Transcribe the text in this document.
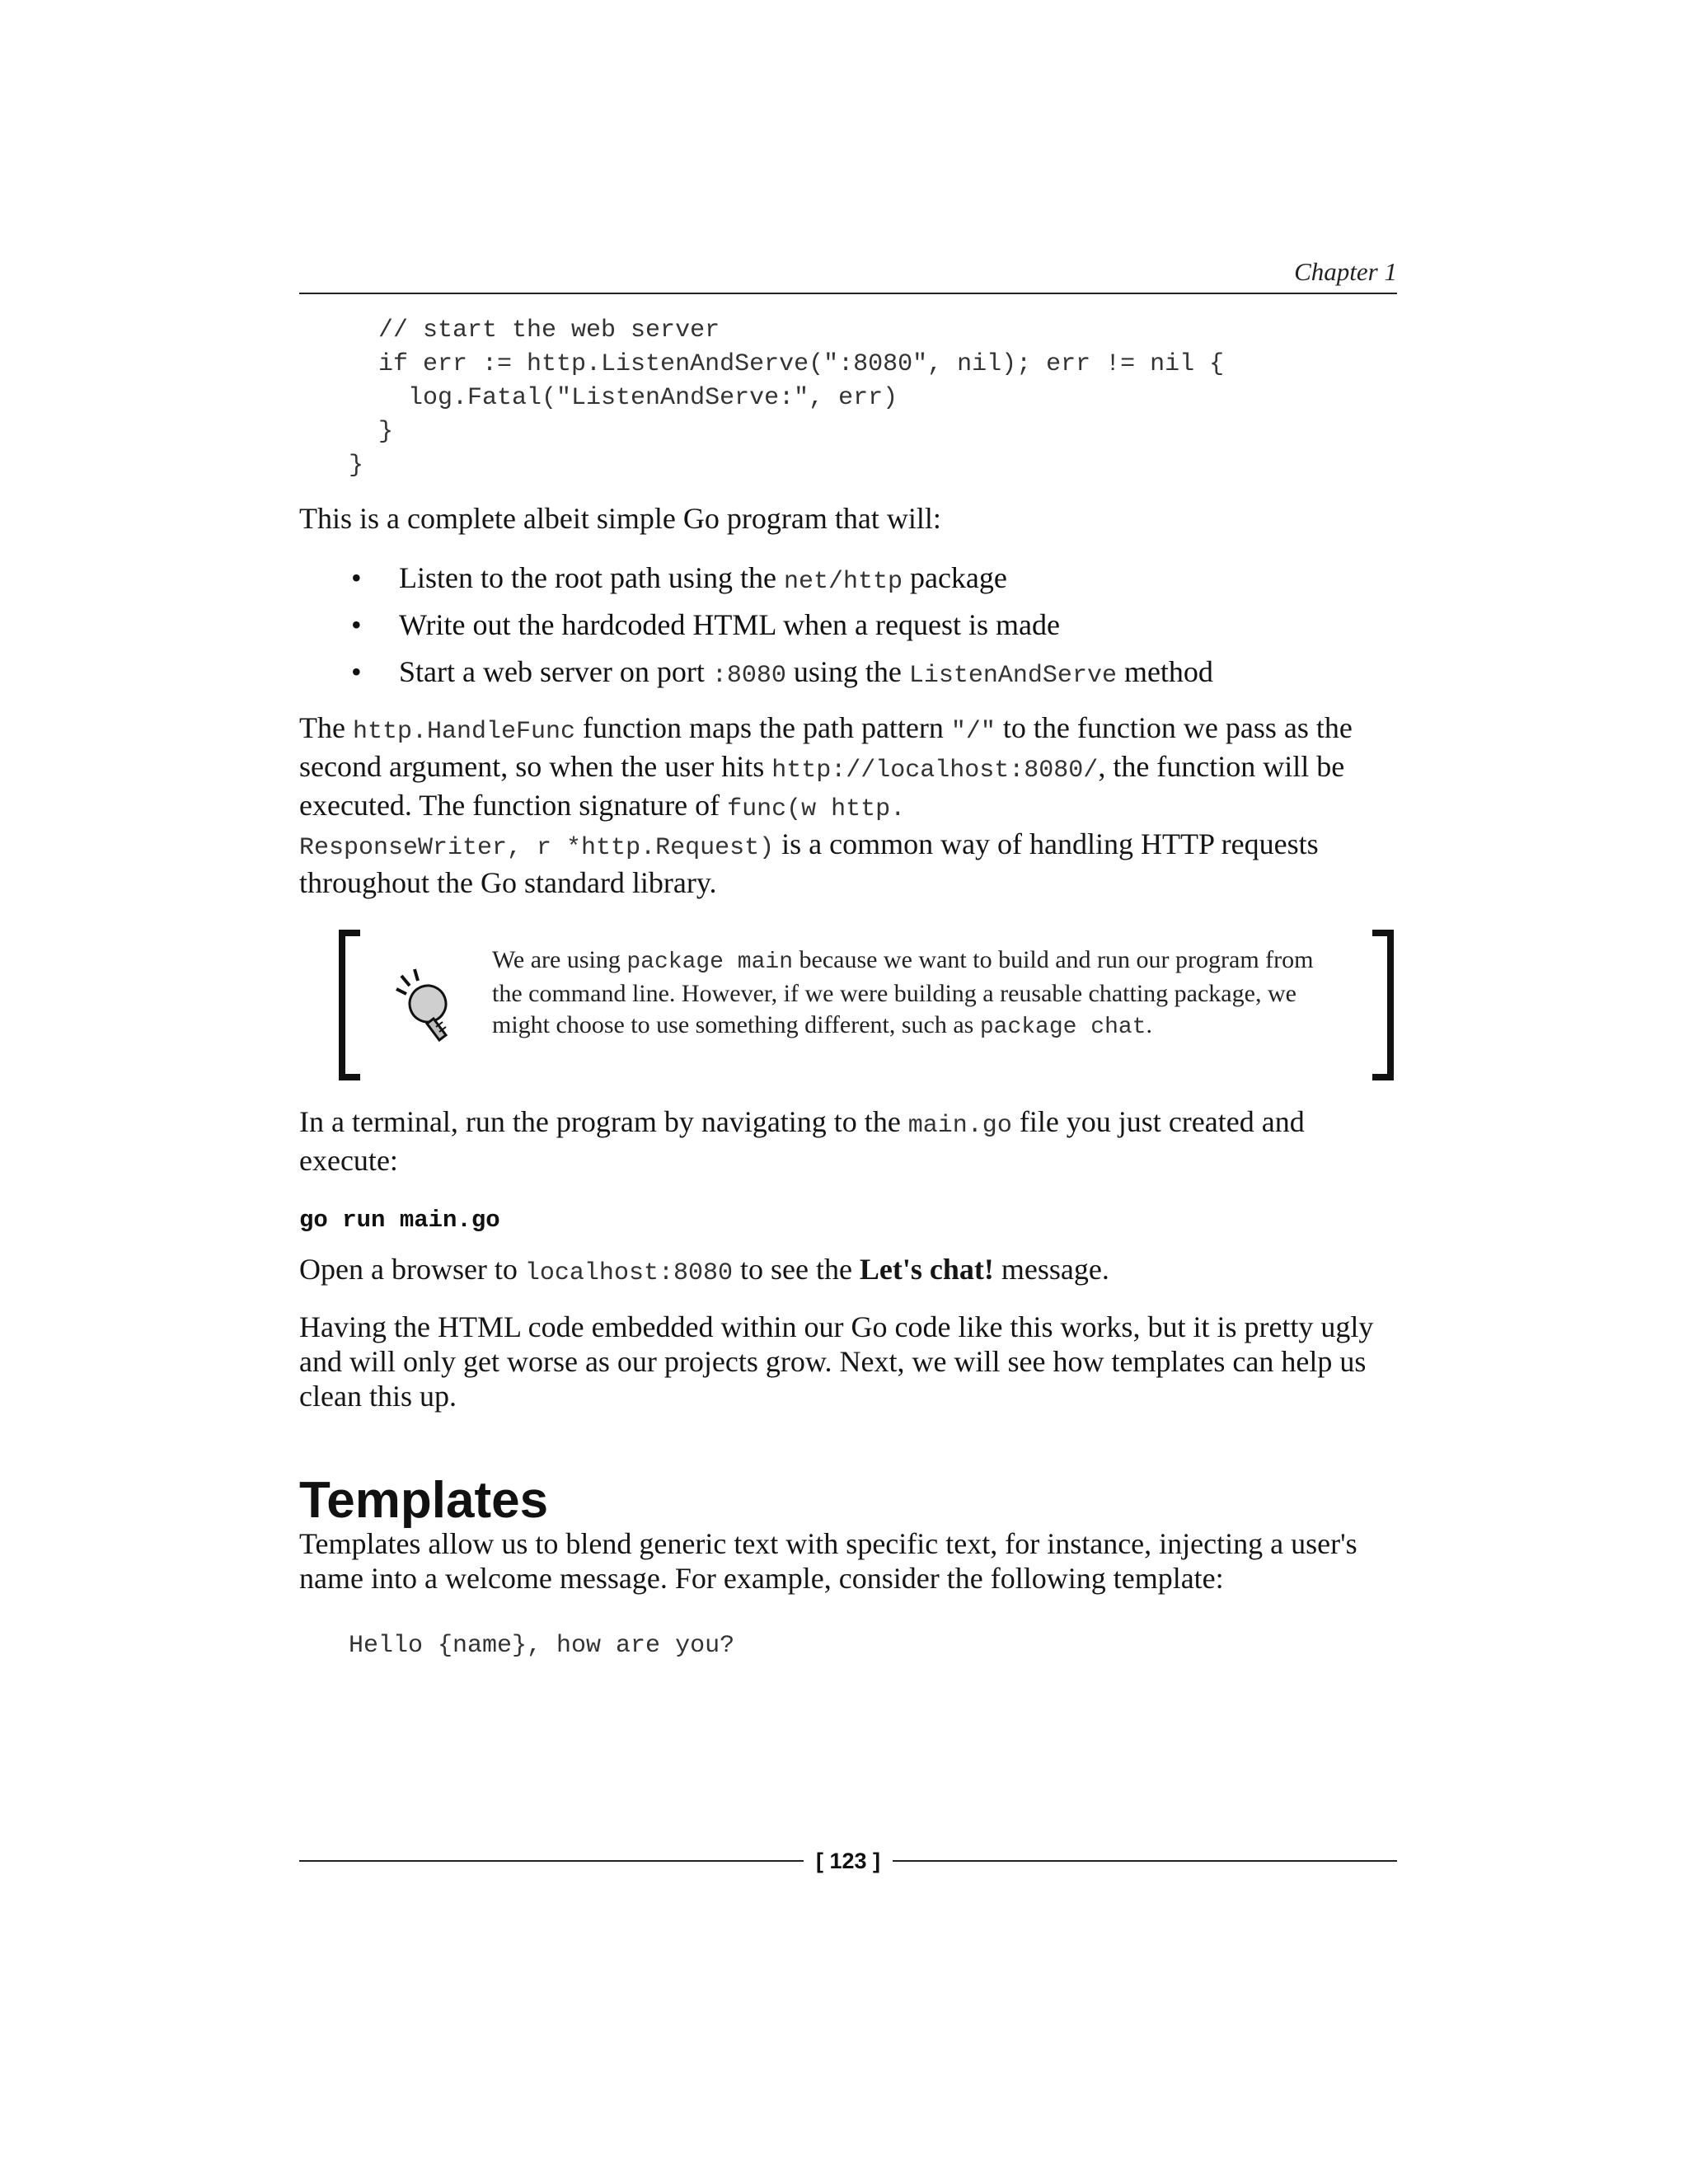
Chapter 1
// start the web server
if err := http.ListenAndServe(":8080", nil); err != nil {
log.Fatal("ListenAndServe:", err)
}
}

This is a complete albeit simple Go program that will:

• Listen to the root path using the net/http package
• Write out the hardcoded HTML when a request is made
• Start a web server on port :8080 using the ListenAndServe method

The http.HandleFunc function maps the path pattern "/" to the function we pass as the second argument, so when the user hits http://localhost:8080/, the function will be executed. The function signature of func(w http.
ResponseWriter, r *http.Request) is a common way of handling HTTP requests throughout the Go standard library.

We are using package main because we want to build and run our program from the command line. However, if we were building a reusable chatting package, we might choose to use something different, such as package chat.

In a terminal, run the program by navigating to the main.go file you just created and execute:

go run main.go

Open a browser to localhost:8080 to see the Let's chat! message.

Having the HTML code embedded within our Go code like this works, but it is pretty ugly and will only get worse as our projects grow. Next, we will see how templates can help us clean this up.

Templates

Templates allow us to blend generic text with specific text, for instance, injecting a user's name into a welcome message. For example, consider the following template:

Hello {name}, how are you?
[ 123 ]
